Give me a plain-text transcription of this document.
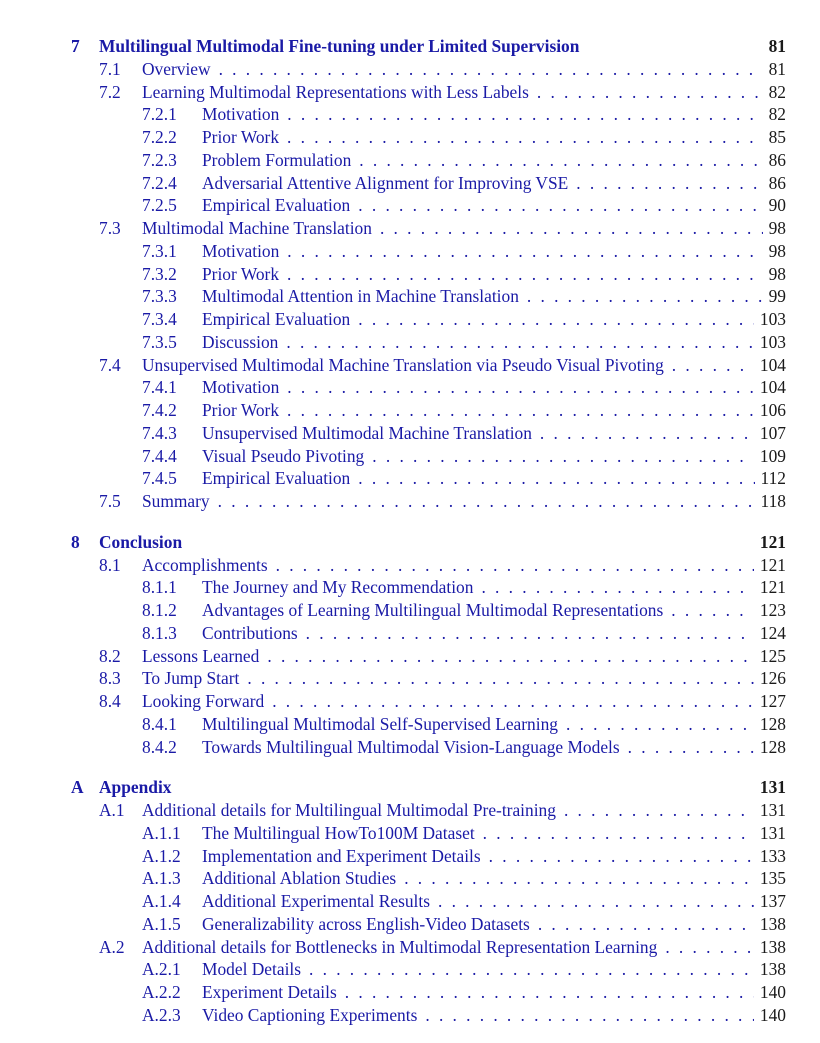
7 Multilingual Multimodal Fine-tuning under Limited Supervision	81
7.1 Overview	81
. . .
7.2 Learning Multimodal Representations with Less Labels	82
. . .
7.2.1 Motivation	82
. . .
7.2.2 Prior Work	85
. . .
7.2.3 Problem Formulation	86
. . .
7.2.4 Adversarial Attentive Alignment for Improving VSE	86
. . .
7.2.5 Empirical Evaluation	90
. . .
7.3 Multimodal Machine Translation	98
. . .
7.3.1 Motivation	98
. . .
7.3.2 Prior Work	98
. . .
7.3.3 Multimodal Attention in Machine Translation	99
. . .
7.3.4 Empirical Evaluation	103
. . .
7.3.5 Discussion	103
. . .
7.4 Unsupervised Multimodal Machine Translation via Pseudo Visual Pivoting	104
. . .
7.4.1 Motivation	104
. . .
7.4.2 Prior Work	106
. . .
7.4.3 Unsupervised Multimodal Machine Translation	107
. . .
7.4.4 Visual Pseudo Pivoting	109
. . .
7.4.5 Empirical Evaluation	112
. . .
7.5 Summary	118
. . .
8 Conclusion	121
8.1 Accomplishments	121
. . .
8.1.1 The Journey and My Recommendation	121
. . .
8.1.2 Advantages of Learning Multilingual Multimodal Representations	123
. . .
8.1.3 Contributions	124
. . .
8.2 Lessons Learned	125
. . .
8.3 To Jump Start	126
. . .
8.4 Looking Forward	127
. . .
8.4.1 Multilingual Multimodal Self-Supervised Learning	128
. . .
8.4.2 Towards Multilingual Multimodal Vision-Language Models	128
. . .
A Appendix	131
A.1 Additional details for Multilingual Multimodal Pre-training	131
. . .
A.1.1 The Multilingual HowTo100M Dataset	131
. . .
A.1.2 Implementation and Experiment Details	133
. . .
A.1.3 Additional Ablation Studies	135
. . .
A.1.4 Additional Experimental Results	137
. . .
A.1.5 Generalizability across English-Video Datasets	138
. . .
A.2 Additional details for Bottlenecks in Multimodal Representation Learning	138
. . .
A.2.1 Model Details	138
. . .
A.2.2 Experiment Details	140
. . .
A.2.3 Video Captioning Experiments	140
. . .
